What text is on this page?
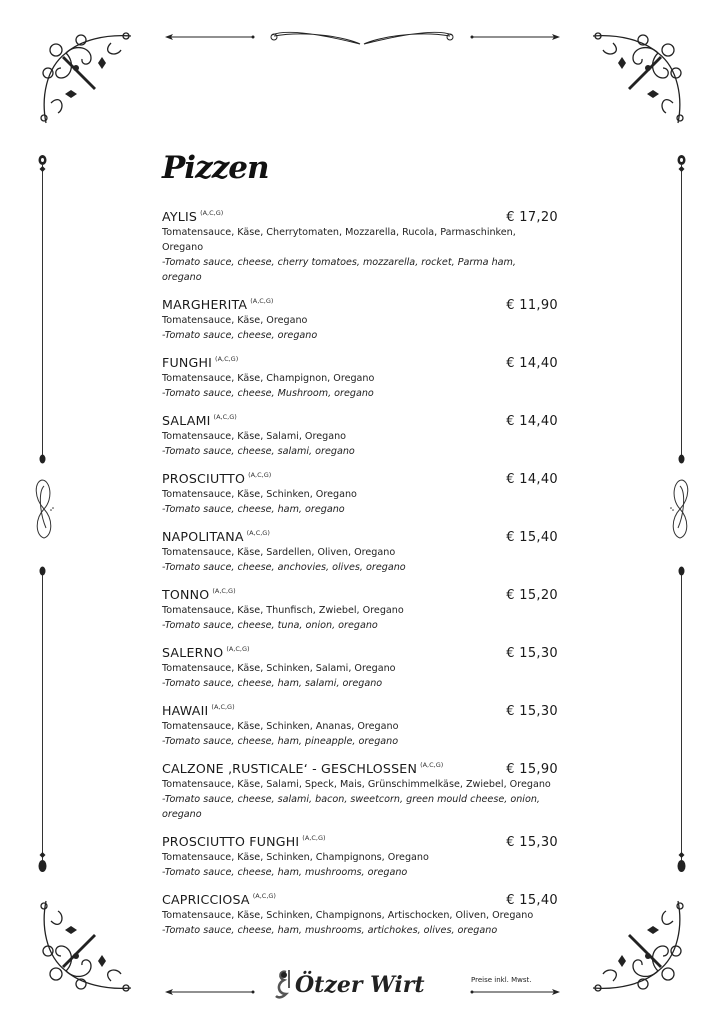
Pizzen
AYLIS $^{(A,C,G)}$	€ 17,20
Tomatensauce, Käse, Cherrytomaten, Mozzarella, Rucola, Parmaschinken, Oregano
-Tomato sauce, cheese, cherry tomatoes, mozzarella, rocket, Parma ham, oregano
MARGHERITA $^{(A,C,G)}$	€ 11,90
Tomatensauce, Käse, Oregano
-Tomato sauce, cheese, oregano
FUNGHI $^{(A,C,G)}$	€ 14,40
Tomatensauce, Käse, Champignon, Oregano
-Tomato sauce, cheese, Mushroom, oregano
SALAMI $^{(A,C,G)}$	€ 14,40
Tomatensauce, Käse, Salami, Oregano
-Tomato sauce, cheese, salami, oregano
PROSCIUTTO $^{(A,C,G)}$	€ 14,40
Tomatensauce, Käse, Schinken, Oregano
-Tomato sauce, cheese, ham, oregano
NAPOLITANA $^{(A,C,G)}$	€ 15,40
Tomatensauce, Käse, Sardellen, Oliven, Oregano
-Tomato sauce, cheese, anchovies, olives, oregano
TONNO $^{(A,C,G)}$	€ 15,20
Tomatensauce, Käse, Thunfisch, Zwiebel, Oregano
-Tomato sauce, cheese, tuna, onion, oregano
SALERNO $^{(A,C,G)}$	€ 15,30
Tomatensauce, Käse, Schinken, Salami, Oregano
-Tomato sauce, cheese, ham, salami, oregano
HAWAII $^{(A,C,G)}$	€ 15,30
Tomatensauce, Käse, Schinken, Ananas, Oregano
-Tomato sauce, cheese, ham, pineapple, oregano
CALZONE ‚RUSTICALE‘ - GESCHLOSSEN $^{(A,C,G)}$	€ 15,90
Tomatensauce, Käse, Salami, Speck, Mais, Grünschimmelkäse, Zwiebel, Oregano
-Tomato sauce, cheese, salami, bacon, sweetcorn, green mould cheese, onion, oregano
PROSCIUTTO FUNGHI $^{(A,C,G)}$	€ 15,30
Tomatensauce, Käse, Schinken, Champignons, Oregano
-Tomato sauce, cheese, ham, mushrooms, oregano
CAPRICCIOSA $^{(A,C,G)}$	€ 15,40
Tomatensauce, Käse, Schinken, Champignons, Artischocken, Oliven, Oregano
-Tomato sauce, cheese, ham, mushrooms, artichokes, olives, oregano
Ötzer Wirt	Preise inkl. Mwst.
